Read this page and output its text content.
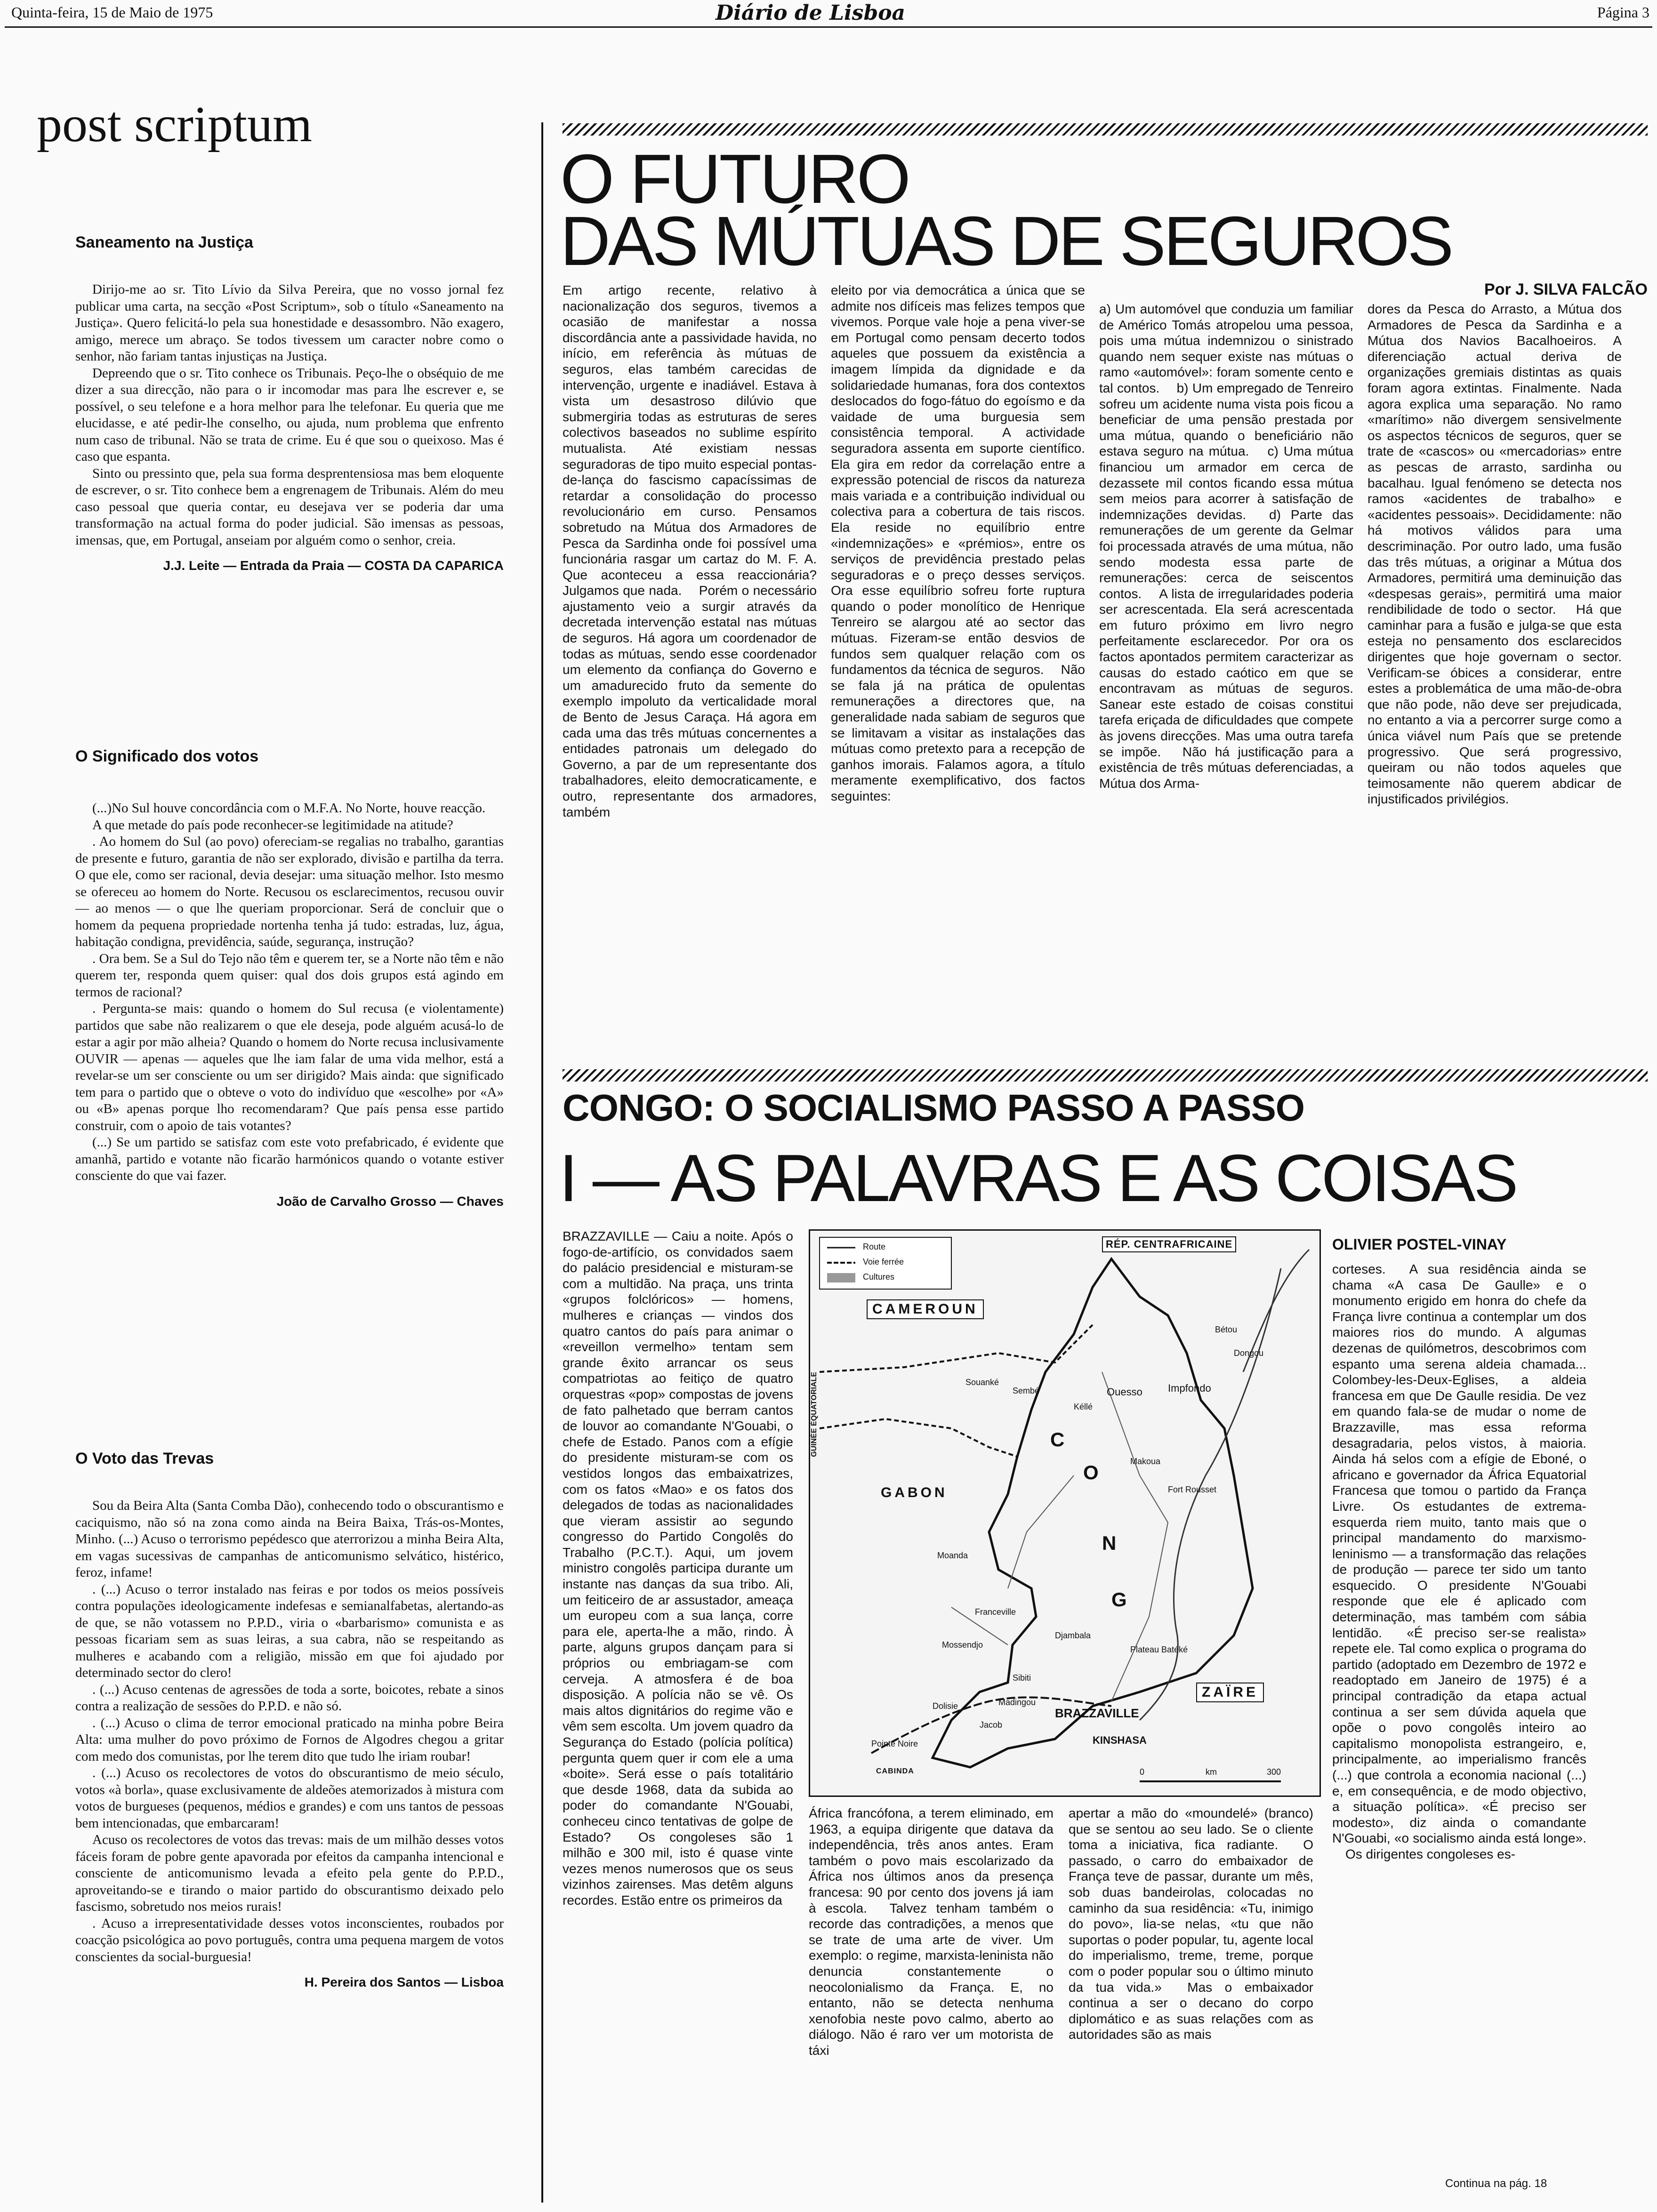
Quinta-feira, 15 de Maio de 1975	Diário de Lisboa	Página 3
post scriptum
Saneamento na Justiça

Dirijo-me ao sr. Tito Lívio da Silva Pereira, que no vosso jornal fez publicar uma carta, na secção «Post Scriptum», sob o título «Saneamento na Justiça». Quero felicitá-lo pela sua honestidade e desassombro. Não exagero, amigo, merece um abraço. Se todos tivessem um caracter nobre como o senhor, não fariam tantas injustiças na Justiça.

Depreendo que o sr. Tito conhece os Tribunais. Peço-lhe o obséquio de me dizer a sua direcção, não para o ir incomodar mas para lhe escrever e, se possível, o seu telefone e a hora melhor para lhe telefonar. Eu queria que me elucidasse, e até pedir-lhe conselho, ou ajuda, num problema que enfrento num caso de tribunal. Não se trata de crime. Eu é que sou o queixoso. Mas é caso que espanta.

Sinto ou pressinto que, pela sua forma desprentensiosa mas bem eloquente de escrever, o sr. Tito conhece bem a engrenagem de Tribunais. Além do meu caso pessoal que queria contar, eu desejava ver se poderia dar uma transformação na actual forma do poder judicial. São imensas as pessoas, imensas, que, em Portugal, anseiam por alguém como o senhor, creia.

J.J. Leite — Entrada da Praia — COSTA DA CAPARICA

O Significado dos votos

(...)No Sul houve concordância com o M.F.A. No Norte, houve reacção.

A que metade do país pode reconhecer-se legitimidade na atitude?

. Ao homem do Sul (ao povo) ofereciam-se regalias no trabalho, garantias de presente e futuro, garantia de não ser explorado, divisão e partilha da terra. O que ele, como ser racional, devia desejar: uma situação melhor. Isto mesmo se ofereceu ao homem do Norte. Recusou os esclarecimentos, recusou ouvir — ao menos — o que lhe queriam proporcionar. Será de concluir que o homem da pequena propriedade nortenha tenha já tudo: estradas, luz, água, habitação condigna, previdência, saúde, segurança, instrução?

. Ora bem. Se a Sul do Tejo não têm e querem ter, se a Norte não têm e não querem ter, responda quem quiser: qual dos dois grupos está agindo em termos de racional?

. Pergunta-se mais: quando o homem do Sul recusa (e violentamente) partidos que sabe não realizarem o que ele deseja, pode alguém acusá-lo de estar a agir por mão alheia? Quando o homem do Norte recusa inclusivamente OUVIR — apenas — aqueles que lhe iam falar de uma vida melhor, está a revelar-se um ser consciente ou um ser dirigido? Mais ainda: que significado tem para o partido que o obteve o voto do indivíduo que «escolhe» por «A» ou «B» apenas porque lho recomendaram? Que país pensa esse partido construir, com o apoio de tais votantes?

(...) Se um partido se satisfaz com este voto prefabricado, é evidente que amanhã, partido e votante não ficarão harmónicos quando o votante estiver consciente do que vai fazer.

João de Carvalho Grosso — Chaves

O Voto das Trevas

Sou da Beira Alta (Santa Comba Dão), conhecendo todo o obscurantismo e caciquismo, não só na zona como ainda na Beira Baixa, Trás-os-Montes, Minho. (...) Acuso o terrorismo pepédesco que aterrorizou a minha Beira Alta, em vagas sucessivas de campanhas de anticomunismo selvático, histérico, feroz, infame!

. (...) Acuso o terror instalado nas feiras e por todos os meios possíveis contra populações ideologicamente indefesas e semianalfabetas, alertando-as de que, se não votassem no P.P.D., viria o «barbarismo» comunista e as pessoas ficariam sem as suas leiras, a sua cabra, não se respeitando as mulheres e acabando com a religião, missão em que foi ajudado por determinado sector do clero!

. (...) Acuso centenas de agressões de toda a sorte, boicotes, rebate a sinos contra a realização de sessões do P.P.D. e não só.

. (...) Acuso o clima de terror emocional praticado na minha pobre Beira Alta: uma mulher do povo próximo de Fornos de Algodres chegou a gritar com medo dos comunistas, por lhe terem dito que tudo lhe iriam roubar!

. (...) Acuso os recolectores de votos do obscurantismo de meio século, votos «à borla», quase exclusivamente de aldeões atemorizados à mistura com votos de burgueses (pequenos, médios e grandes) e com uns tantos de pessoas bem intencionadas, que embarcaram!

Acuso os recolectores de votos das trevas: mais de um milhão desses votos fáceis foram de pobre gente apavorada por efeitos da campanha intencional e consciente de anticomunismo levada a efeito pela gente do P.P.D., aproveitando-se e tirando o maior partido do obscurantismo deixado pelo fascismo, sobretudo nos meios rurais!

. Acuso a irrepresentatividade desses votos inconscientes, roubados por coacção psicológica ao povo português, contra uma pequena margem de votos conscientes da social-burguesia!

H. Pereira dos Santos — Lisboa

O FUTURO
DAS MÚTUAS DE SEGUROS
Por J. SILVA FALCÃO

Em artigo recente, relativo à nacionalização dos seguros, tivemos a ocasião de manifestar a nossa discordância ante a passividade havida, no início, em referência às mútuas de seguros, elas também carecidas de intervenção, urgente e inadiável. Estava à vista um desastroso dilúvio que submergiria todas as estruturas de seres colectivos baseados no sublime espírito mutualista. Até existiam nessas seguradoras de tipo muito especial pontas-de-lança do fascismo capacíssimas de retardar a consolidação do processo revolucionário em curso. Pensamos sobretudo na Mútua dos Armadores de Pesca da Sardinha onde foi possível uma funcionária rasgar um cartaz do M. F. A. Que aconteceu a essa reaccionária? Julgamos que nada.  Porém o necessário ajustamento veio a surgir através da decretada intervenção estatal nas mútuas de seguros. Há agora um coordenador de todas as mútuas, sendo esse coordenador um elemento da confiança do Governo e um amadurecido fruto da semente do exemplo impoluto da verticalidade moral de Bento de Jesus Caraça. Há agora em cada uma das três mútuas concernentes a entidades patronais um delegado do Governo, a par de um representante dos trabalhadores, eleito democraticamente, e outro, representante dos armadores, também

eleito por via democrática a única que se admite nos difíceis mas felizes tempos que vivemos. Porque vale hoje a pena viver-se em Portugal como pensam decerto todos aqueles que possuem da existência a imagem límpida da dignidade e da solidariedade humanas, fora dos contextos deslocados do fogo-fátuo do egoísmo e da vaidade de uma burguesia sem consistência temporal.  A actividade seguradora assenta em suporte científico. Ela gira em redor da correlação entre a expressão potencial de riscos da natureza mais variada e a contribuição individual ou colectiva para a cobertura de tais riscos. Ela reside no equilíbrio entre «indemnizações» e «prémios», entre os serviços de previdência prestado pelas seguradoras e o preço desses serviços. Ora esse equilíbrio sofreu forte ruptura quando o poder monolítico de Henrique Tenreiro se alargou até ao sector das mútuas. Fizeram-se então desvios de fundos sem qualquer relação com os fundamentos da técnica de seguros.  Não se fala já na prática de opulentas remunerações a directores que, na generalidade nada sabiam de seguros que se limitavam a visitar as instalações das mútuas como pretexto para a recepção de ganhos imorais. Falamos agora, a título meramente exemplificativo, dos factos seguintes:

a) Um automóvel que conduzia um familiar de Américo Tomás atropelou uma pessoa, pois uma mútua indemnizou o sinistrado quando nem sequer existe nas mútuas o ramo «automóvel»: foram somente cento e tal contos.  b) Um empregado de Tenreiro sofreu um acidente numa vista pois ficou a beneficiar de uma pensão prestada por uma mútua, quando o beneficiário não estava seguro na mútua.  c) Uma mútua financiou um armador em cerca de dezassete mil contos ficando essa mútua sem meios para acorrer à satisfação de indemnizações devidas.  d) Parte das remunerações de um gerente da Gelmar foi processada através de uma mútua, não sendo modesta essa parte de remunerações: cerca de seiscentos contos.  A lista de irregularidades poderia ser acrescentada. Ela será acrescentada em futuro próximo em livro negro perfeitamente esclarecedor. Por ora os factos apontados permitem caracterizar as causas do estado caótico em que se encontravam as mútuas de seguros. Sanear este estado de coisas constitui tarefa eriçada de dificuldades que compete às jovens direcções. Mas uma outra tarefa se impõe.  Não há justificação para a existência de três mútuas deferenciadas, a Mútua dos Arma-

dores da Pesca do Arrasto, a Mútua dos Armadores de Pesca da Sardinha e a Mútua dos Navios Bacalhoeiros. A diferenciação actual deriva de organizações gremiais distintas as quais foram agora extintas. Finalmente. Nada agora explica uma separação. No ramo «marítimo» não divergem sensivelmente os aspectos técnicos de seguros, quer se trate de «cascos» ou «mercadorias» entre as pescas de arrasto, sardinha ou bacalhau. Igual fenómeno se detecta nos ramos «acidentes de trabalho» e «acidentes pessoais». Decididamente: não há motivos válidos para uma descriminação. Por outro lado, uma fusão das três mútuas, a originar a Mútua dos Armadores, permitirá uma deminuição das «despesas gerais», permitirá uma maior rendibilidade de todo o sector.  Há que caminhar para a fusão e julga-se que esta esteja no pensamento dos esclarecidos dirigentes que hoje governam o sector. Verificam-se óbices a considerar, entre estes a problemática de uma mão-de-obra que não pode, não deve ser prejudicada, no entanto a via a percorrer surge como a única viável num País que se pretende progressivo. Que será progressivo, queiram ou não todos aqueles que teimosamente não querem abdicar de injustificados privilégios.

CONGO: O SOCIALISMO PASSO A PASSO
I — AS PALAVRAS E AS COISAS

BRAZZAVILLE — Caiu a noite. Após o fogo-de-artifício, os convidados saem do palácio presidencial e misturam-se com a multidão. Na praça, uns trinta «grupos folclóricos» — homens, mulheres e crianças — vindos dos quatro cantos do país para animar o «reveillon vermelho» tentam sem grande êxito arrancar os seus compatriotas ao feitiço de quatro orquestras «pop» compostas de jovens de fato palhetado que berram cantos de louvor ao comandante N'Gouabi, o chefe de Estado. Panos com a efígie do presidente misturam-se com os vestidos longos das embaixatrizes, com os fatos «Mao» e os fatos dos delegados de todas as nacionalidades que vieram assistir ao segundo congresso do Partido Congolês do Trabalho (P.C.T.). Aqui, um jovem ministro congolês participa durante um instante nas danças da sua tribo. Ali, um feiticeiro de ar assustador, ameaça um europeu com a sua lança, corre para ele, aperta-lhe a mão, rindo. À parte, alguns grupos dançam para si próprios ou embriagam-se com cerveja.  A atmosfera é de boa disposição. A polícia não se vê. Os mais altos dignitários do regime vão e vêm sem escolta. Um jovem quadro da Segurança do Estado (polícia política) pergunta quem quer ir com ele a uma «boite». Será esse o país totalitário que desde 1968, data da subida ao poder do comandante N'Gouabi, conheceu cinco tentativas de golpe de Estado?  Os congoleses são 1 milhão e 300 mil, isto é quase vinte vezes menos numerosos que os seus vizinhos zairenses. Mas detêm alguns recordes. Estão entre os primeiros da

Route
Voie ferrée
Cultures
RÉP. CENTRAFRICAINE
CAMEROUN
GUINÉE ÉQUATORIALE
GABON
C
O
N
G
ZAÏRE
CABINDA
Souanké
Sembé	Ouesso Impfondo
Kéllé
Makoua
Fort Rousset
Moanda
Franceville
Mossendjo
Djambala
Sibiti
Madingou
Dolisie
Jacob
Pointe Noire
BRAZZAVILLE
KINSHASA
Plateau Batéké
Bétou
Dongou
0	km	300

África francófona, a terem eliminado, em 1963, a equipa dirigente que datava da independência, três anos antes. Eram também o povo mais escolarizado da África nos últimos anos da presença francesa: 90 por cento dos jovens já iam à escola.  Talvez tenham também o recorde das contradições, a menos que se trate de uma arte de viver. Um exemplo: o regime, marxista-leninista não denuncia constantemente o neocolonialismo da França. E, no entanto, não se detecta nenhuma xenofobia neste povo calmo, aberto ao diálogo. Não é raro ver um motorista de táxi

apertar a mão do «moundelé» (branco) que se sentou ao seu lado. Se o cliente toma a iniciativa, fica radiante.  O passado, o carro do embaixador de França teve de passar, durante um mês, sob duas bandeirolas, colocadas no caminho da sua residência: «Tu, inimigo do povo», lia-se nelas, «tu que não suportas o poder popular, tu, agente local do imperialismo, treme, treme, porque com o poder popular sou o último minuto da tua vida.»  Mas o embaixador continua a ser o decano do corpo diplomático e as suas relações com as autoridades são as mais

OLIVIER POSTEL-VINAY

corteses.  A sua residência ainda se chama «A casa De Gaulle» e o monumento erigido em honra do chefe da França livre continua a contemplar um dos maiores rios do mundo. A algumas dezenas de quilómetros, descobrimos com espanto uma serena aldeia chamada... Colombey-les-Deux-Eglises, a aldeia francesa em que De Gaulle residia. De vez em quando fala-se de mudar o nome de Brazzaville, mas essa reforma desagradaria, pelos vistos, à maioria. Ainda há selos com a efígie de Eboné, o africano e governador da África Equatorial Francesa que tomou o partido da França Livre.  Os estudantes de extrema-esquerda riem muito, tanto mais que o principal mandamento do marxismo-leninismo — a transformação das relações de produção — parece ter sido um tanto esquecido. O presidente N'Gouabi responde que ele é aplicado com determinação, mas também com sábia lentidão.  «É preciso ser-se realista» repete ele. Tal como explica o programa do partido (adoptado em Dezembro de 1972 e readoptado em Janeiro de 1975) é a principal contradição da etapa actual continua a ser sem dúvida aquela que opõe o povo congolês inteiro ao capitalismo monopolista estrangeiro, e, principalmente, ao imperialismo francês (...) que controla a economia nacional (...) e, em consequência, e de modo objectivo, a situação política». «É preciso ser modesto», diz ainda o comandante N'Gouabi, «o socialismo ainda está longe».  Os dirigentes congoleses es-

Continua na pág. 18
